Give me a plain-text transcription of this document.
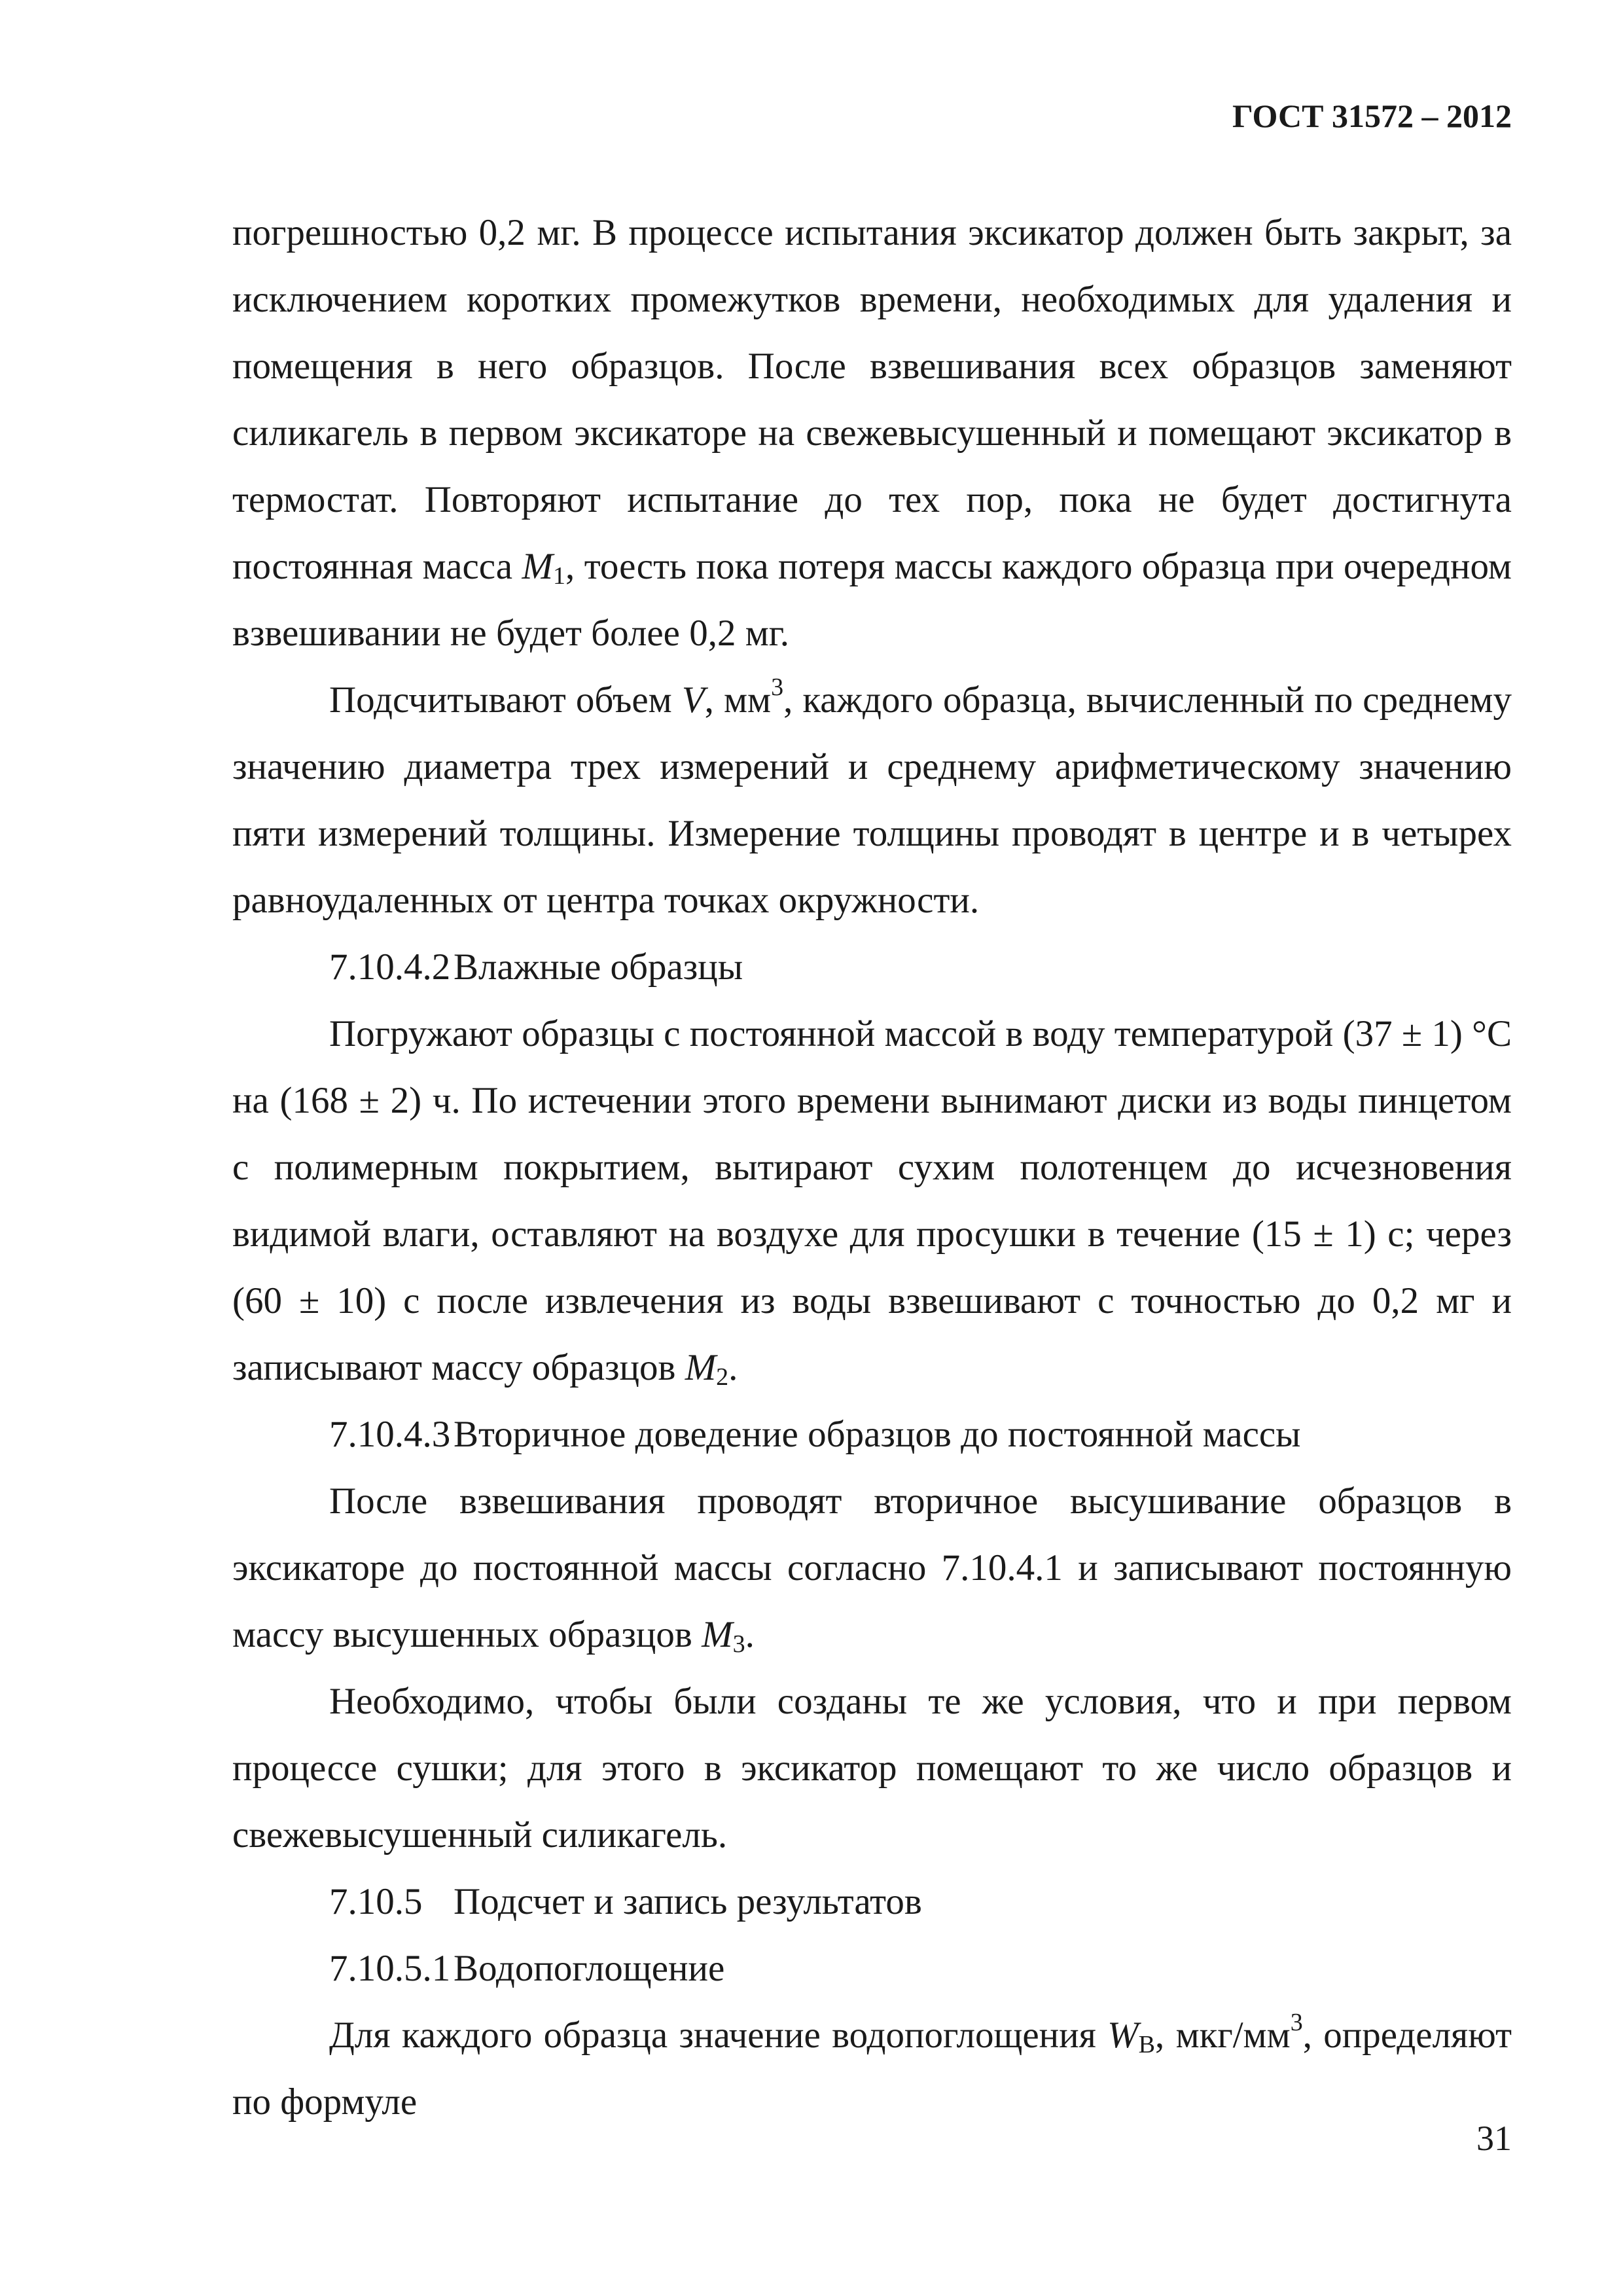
ГОСТ 31572 – 2012

погрешностью 0,2 мг. В процессе испытания эксикатор должен быть закрыт, за исключением коротких промежутков времени, необходимых для удаления и помещения в него образцов. После взвешивания всех образцов заменяют силикагель в первом эксикаторе на свежевысушенный и помещают эксикатор в термостат. Повторяют испытание до тех пор, пока не будет достигнута постоянная масса $M_1$, тоесть пока потеря массы каждого образца при очередном взвешивании не будет более 0,2 мг.

Подсчитывают объем V, $мм^3$, каждого образца, вычисленный по среднему значению диаметра трех измерений и среднему арифметическому значению пяти измерений толщины. Измерение толщины проводят в центре и в четырех равноудаленных от центра точках окружности.

7.10.4.2Влажные образцы

Погружают образцы с постоянной массой в воду температурой (37 ± 1) °С на (168 ± 2) ч. По истечении этого времени вынимают диски из воды пинцетом с полимерным покрытием, вытирают сухим полотенцем до исчезновения видимой влаги, оставляют на воздухе для просушки в течение (15 ± 1) с; через (60 ± 10) с после извлечения из воды взвешивают с точностью до 0,2 мг и записывают массу образцов $M_2$.

7.10.4.3Вторичное доведение образцов до постоянной массы

После взвешивания проводят вторичное высушивание образцов в эксикаторе до постоянной массы согласно 7.10.4.1 и записывают постоянную массу высушенных образцов $M_3$.

Необходимо, чтобы были созданы те же условия, что и при первом процессе сушки; для этого в эксикатор помещают то же число образцов и свежевысушенный силикагель.

7.10.5 Подсчет и запись результатов

7.10.5.1Водопоглощение

Для каждого образца значение водопоглощения $W_В$, мкг/$мм^3$, определяют по формуле

31
